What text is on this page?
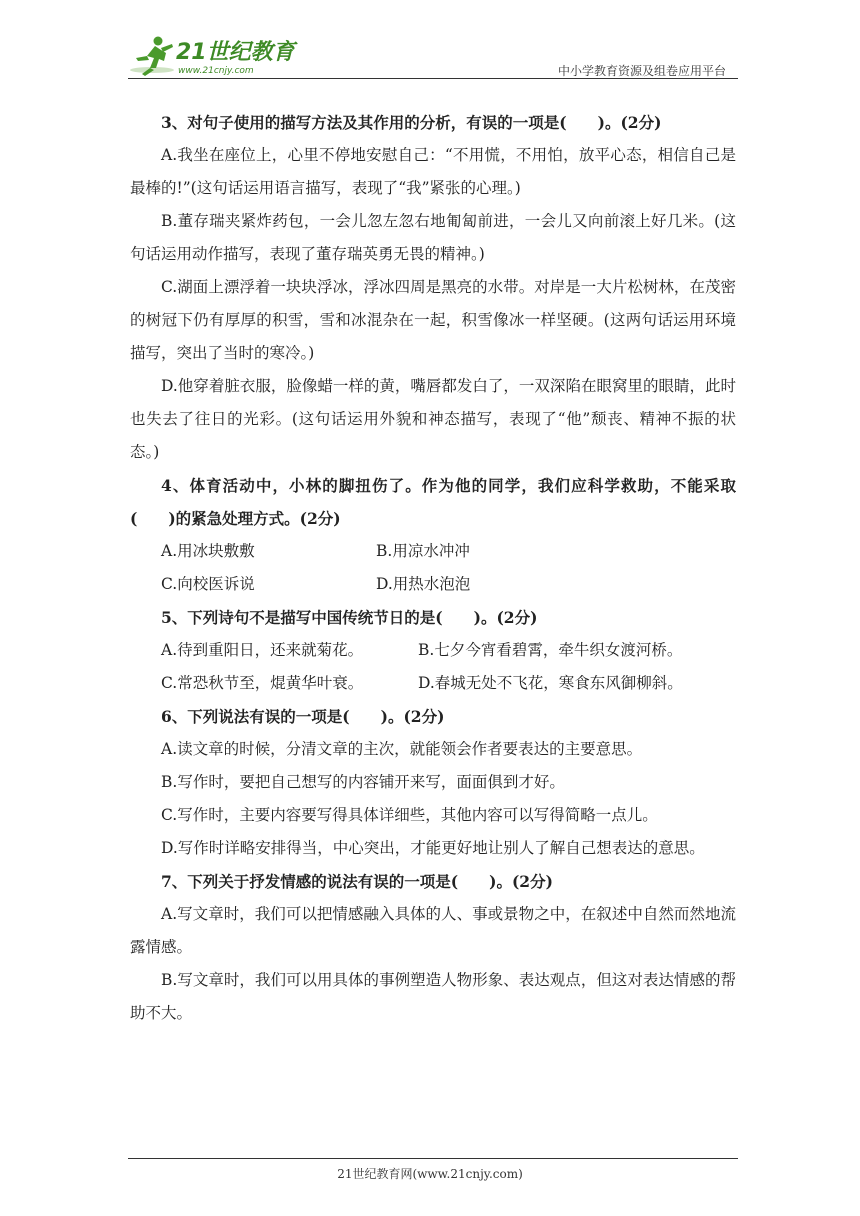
21世纪教育
www.21cnjy.com	中小学教育资源及组卷应用平台

3、对句子使用的描写方法及其作用的分析，有误的一项是(　　)。(2分)

A.我坐在座位上，心里不停地安慰自己：“不用慌，不用怕，放平心态，相信自己是最棒的!”(这句话运用语言描写，表现了“我”紧张的心理。)

B.董存瑞夹紧炸药包，一会儿忽左忽右地匍匐前进，一会儿又向前滚上好几米。(这句话运用动作描写，表现了董存瑞英勇无畏的精神。)

C.湖面上漂浮着一块块浮冰，浮冰四周是黑亮的水带。对岸是一大片松树林，在茂密的树冠下仍有厚厚的积雪，雪和冰混杂在一起，积雪像冰一样坚硬。(这两句话运用环境描写，突出了当时的寒冷。)

D.他穿着脏衣服，脸像蜡一样的黄，嘴唇都发白了，一双深陷在眼窝里的眼睛，此时也失去了往日的光彩。(这句话运用外貌和神态描写，表现了“他”颓丧、精神不振的状态。)

4、体育活动中，小林的脚扭伤了。作为他的同学，我们应科学救助，不能采取(　　)的紧急处理方式。(2分)

A.用冰块敷敷	B.用凉水冲冲
C.向校医诉说	D.用热水泡泡

5、下列诗句不是描写中国传统节日的是(　　)。(2分)

A.待到重阳日，还来就菊花。	B.七夕今宵看碧霄，牵牛织女渡河桥。
C.常恐秋节至，焜黄华叶衰。	D.春城无处不飞花，寒食东风御柳斜。

6、下列说法有误的一项是(　　)。(2分)

A.读文章的时候，分清文章的主次，就能领会作者要表达的主要意思。

B.写作时，要把自己想写的内容铺开来写，面面俱到才好。

C.写作时，主要内容要写得具体详细些，其他内容可以写得简略一点儿。

D.写作时详略安排得当，中心突出，才能更好地让别人了解自己想表达的意思。

7、下列关于抒发情感的说法有误的一项是(　　)。(2分)

A.写文章时，我们可以把情感融入具体的人、事或景物之中，在叙述中自然而然地流露情感。

B.写文章时，我们可以用具体的事例塑造人物形象、表达观点，但这对表达情感的帮助不大。

21世纪教育网(www.21cnjy.com)
